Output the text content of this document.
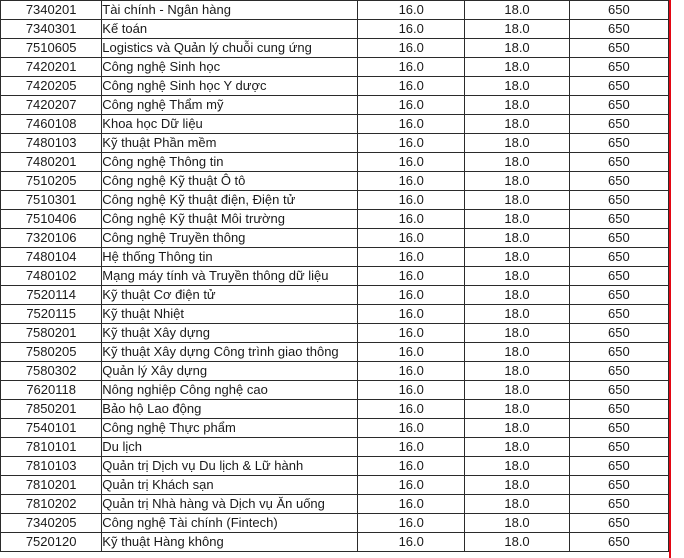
7340201	Tài chính - Ngân hàng	16.0	18.0	650
7340301	Kế toán	16.0	18.0	650
7510605	Logistics và Quản lý chuỗi cung ứng	16.0	18.0	650
7420201	Công nghệ Sinh học	16.0	18.0	650
7420205	Công nghệ Sinh học Y dược	16.0	18.0	650
7420207	Công nghệ Thẩm mỹ	16.0	18.0	650
7460108	Khoa học Dữ liệu	16.0	18.0	650
7480103	Kỹ thuật Phần mềm	16.0	18.0	650
7480201	Công nghệ Thông tin	16.0	18.0	650
7510205	Công nghệ Kỹ thuật Ô tô	16.0	18.0	650
7510301	Công nghệ Kỹ thuật điện, Điện tử	16.0	18.0	650
7510406	Công nghệ Kỹ thuật Môi trường	16.0	18.0	650
7320106	Công nghệ Truyền thông	16.0	18.0	650
7480104	Hệ thống Thông tin	16.0	18.0	650
7480102	Mạng máy tính và Truyền thông dữ liệu	16.0	18.0	650
7520114	Kỹ thuật Cơ điện tử	16.0	18.0	650
7520115	Kỹ thuật Nhiệt	16.0	18.0	650
7580201	Kỹ thuật Xây dựng	16.0	18.0	650
7580205	Kỹ thuật Xây dựng Công trình giao thông	16.0	18.0	650
7580302	Quản lý Xây dựng	16.0	18.0	650
7620118	Nông nghiệp Công nghệ cao	16.0	18.0	650
7850201	Bảo hộ Lao động	16.0	18.0	650
7540101	Công nghệ Thực phẩm	16.0	18.0	650
7810101	Du lịch	16.0	18.0	650
7810103	Quản trị Dịch vụ Du lịch & Lữ hành	16.0	18.0	650
7810201	Quản trị Khách sạn	16.0	18.0	650
7810202	Quản trị Nhà hàng và Dịch vụ Ăn uống	16.0	18.0	650
7340205	Công nghệ Tài chính (Fintech)	16.0	18.0	650
7520120	Kỹ thuật Hàng không	16.0	18.0	650
